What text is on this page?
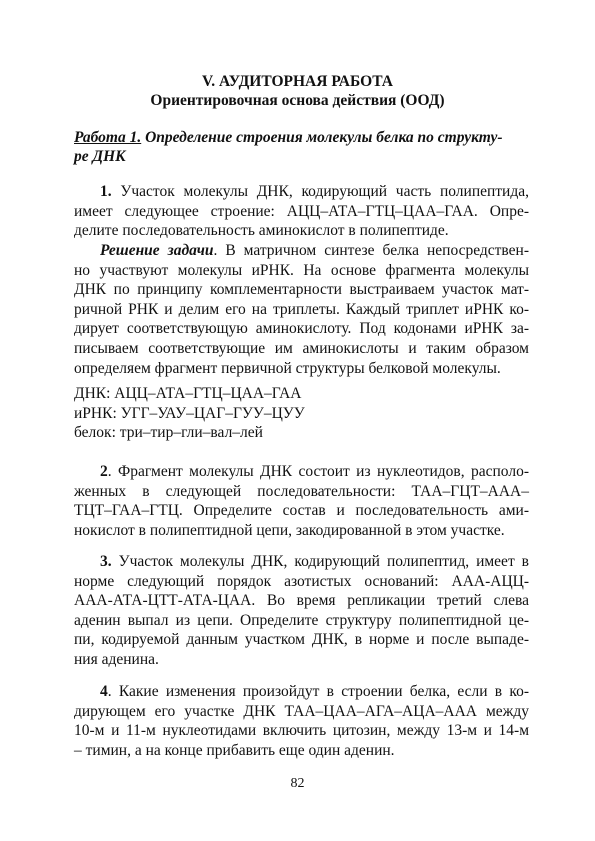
V. АУДИТОРНАЯ РАБОТА
Ориентировочная основа действия (ООД)
Работа 1. Определение строения молекулы белка по структу-
ре ДНК
1. Участок молекулы ДНК, кодирующий часть полипептида,
имеет следующее строение: АЦЦ–АТА–ГТЦ–ЦАА–ГАА. Опре-
делите последовательность аминокислот в полипептиде.
Решение задачи. В матричном синтезе белка непосредствен-
но участвуют молекулы иРНК. На основе фрагмента молекулы
ДНК по принципу комплементарности выстраиваем участок мат-
ричной РНК и делим его на триплеты. Каждый триплет иРНК ко-
дирует соответствующую аминокислоту. Под кодонами иРНК за-
писываем соответствующие им аминокислоты и таким образом
определяем фрагмент первичной структуры белковой молекулы.
ДНК: АЦЦ–АТА–ГТЦ–ЦАА–ГАА
иРНК: УГГ–УАУ–ЦАГ–ГУУ–ЦУУ
белок: три–тир–гли–вал–лей
2. Фрагмент молекулы ДНК состоит из нуклеотидов, располо-
женных в следующей последовательности: ТАА–ГЦТ–ААА–
ТЦТ–ГАА–ГТЦ. Определите состав и последовательность ами-
нокислот в полипептидной цепи, закодированной в этом участке.
3. Участок молекулы ДНК, кодирующий полипептид, имеет в
норме следующий порядок азотистых оснований: ААА-АЦЦ-
ААА-АТА-ЦТТ-АТА-ЦАА. Во время репликации третий слева
аденин выпал из цепи. Определите структуру полипептидной це-
пи, кодируемой данным участком ДНК, в норме и после выпаде-
ния аденина.
4. Какие изменения произойдут в строении белка, если в ко-
дирующем его участке ДНК ТАА–ЦАА–АГА–АЦА–ААА между
10-м и 11-м нуклеотидами включить цитозин, между 13-м и 14-м
– тимин, а на конце прибавить еще один аденин.
82
